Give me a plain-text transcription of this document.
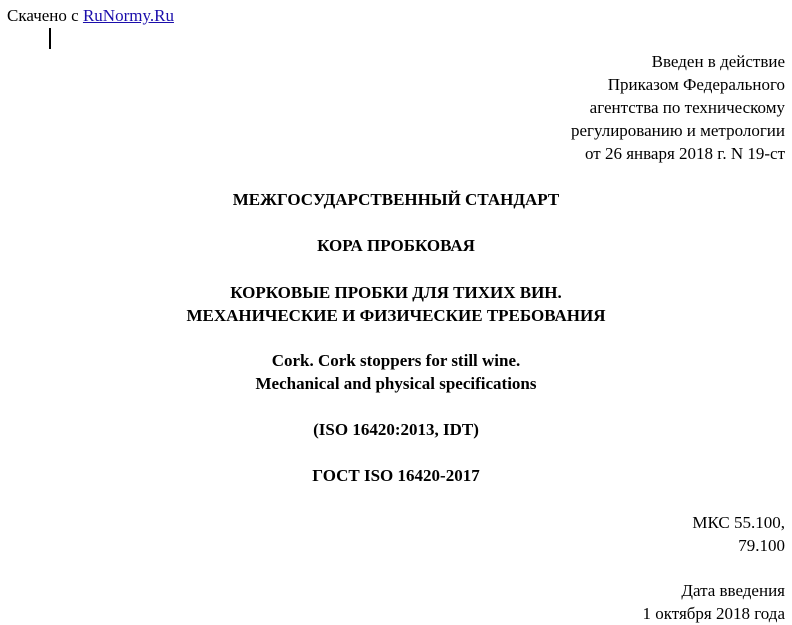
Скачено с RuNormy.Ru
Введен в действие
Приказом Федерального
агентства по техническому
регулированию и метрологии
от 26 января 2018 г. N 19-ст
МЕЖГОСУДАРСТВЕННЫЙ СТАНДАРТ
КОРА ПРОБКОВАЯ
КОРКОВЫЕ ПРОБКИ ДЛЯ ТИХИХ ВИН.
МЕХАНИЧЕСКИЕ И ФИЗИЧЕСКИЕ ТРЕБОВАНИЯ
Cork. Cork stoppers for still wine.
Mechanical and physical specifications
(ISO 16420:2013, IDT)
ГОСТ ISO 16420-2017
МКС 55.100,
79.100
Дата введения
1 октября 2018 года
